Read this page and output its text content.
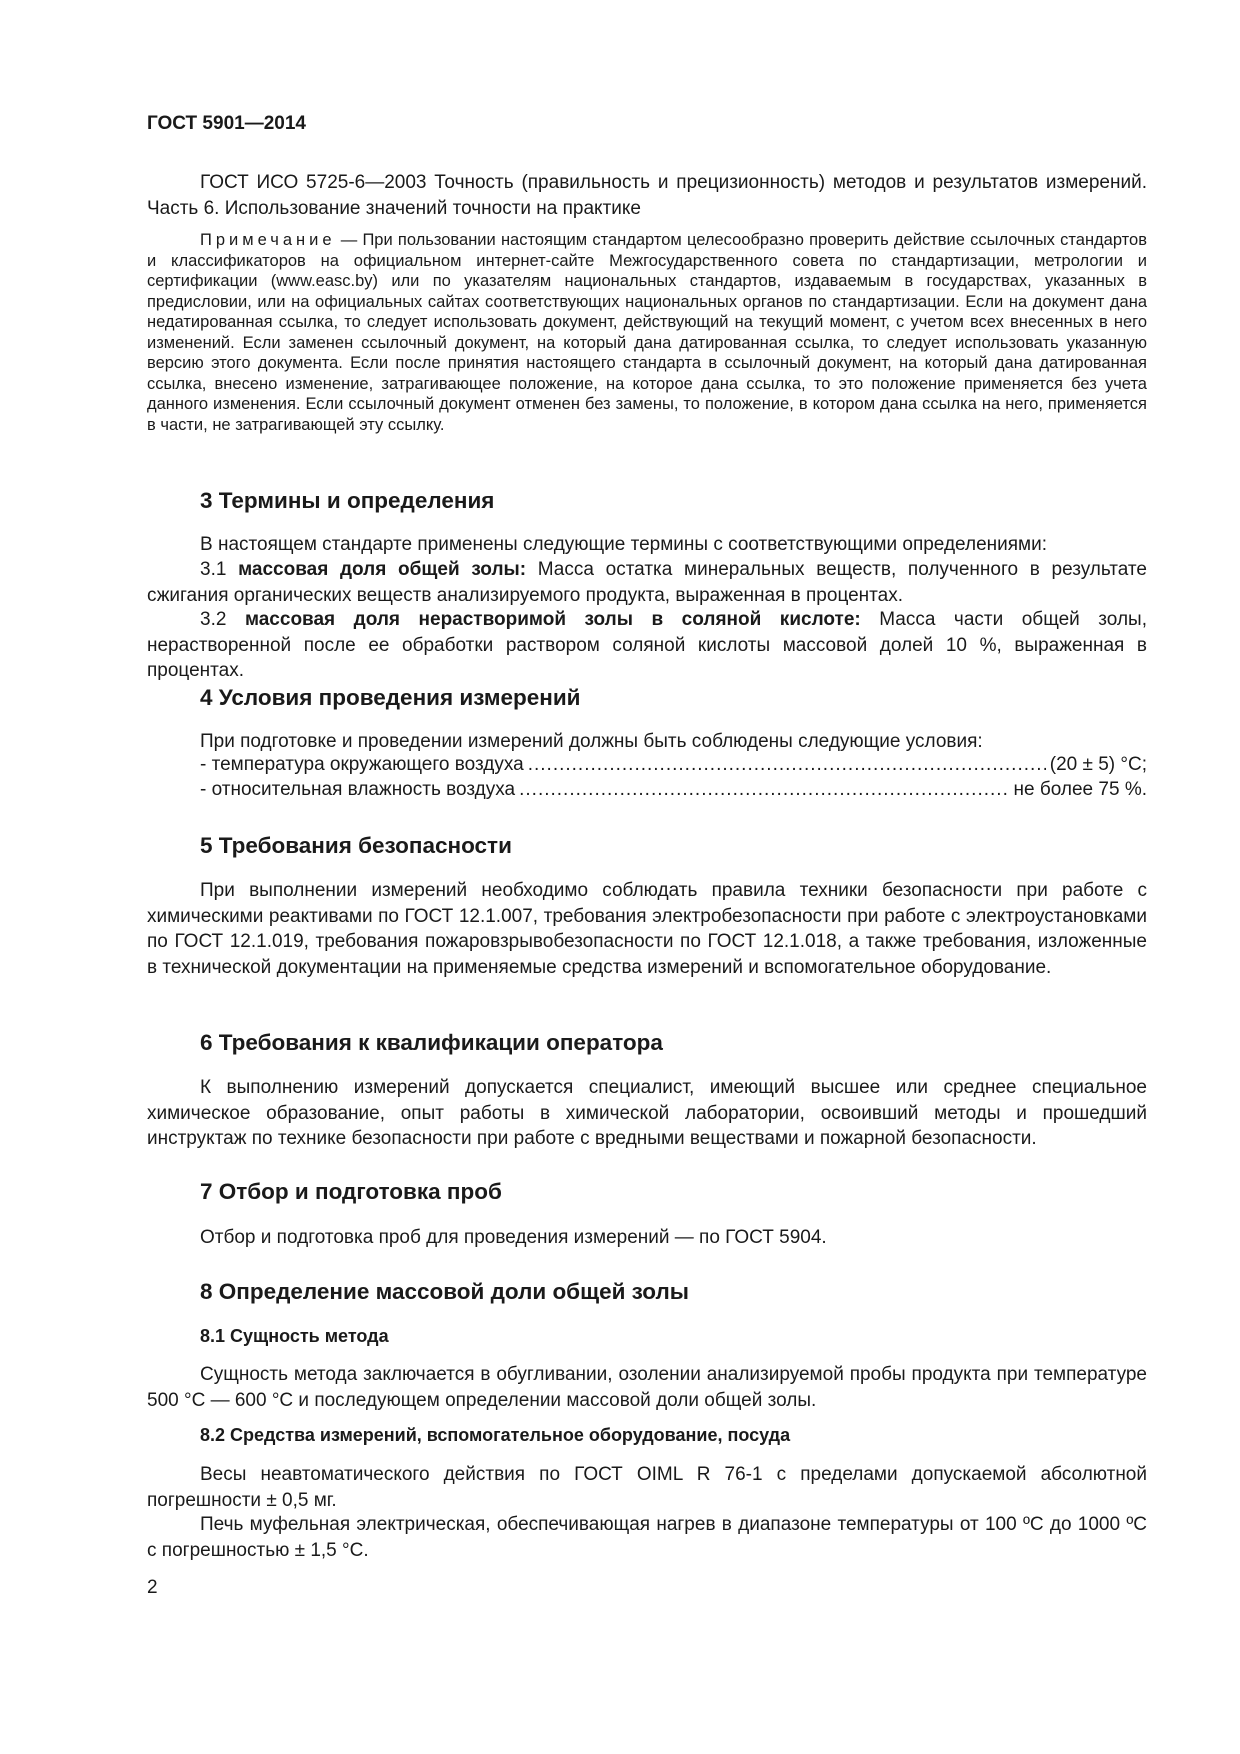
ГОСТ 5901—2014

ГОСТ ИСО 5725-6—2003 Точность (правильность и прецизионность) методов и результатов измерений. Часть 6. Использование значений точности на практике

Примечание — При пользовании настоящим стандартом целесообразно проверить действие ссылочных стандартов и классификаторов на официальном интернет-сайте Межгосударственного совета по стандартизации, метрологии и сертификации (www.easc.by) или по указателям национальных стандартов, издаваемым в государствах, указанных в предисловии, или на официальных сайтах соответствующих национальных органов по стандартизации. Если на документ дана недатированная ссылка, то следует использовать документ, действующий на текущий момент, с учетом всех внесенных в него изменений. Если заменен ссылочный документ, на который дана датированная ссылка, то следует использовать указанную версию этого документа. Если после принятия настоящего стандарта в ссылочный документ, на который дана датированная ссылка, внесено изменение, затрагивающее положение, на которое дана ссылка, то это положение применяется без учета данного изменения. Если ссылочный документ отменен без замены, то положение, в котором дана ссылка на него, применяется в части, не затрагивающей эту ссылку.

3 Термины и определения

В настоящем стандарте применены следующие термины с соответствующими определениями:

3.1 массовая доля общей золы: Масса остатка минеральных веществ, полученного в результате сжигания органических веществ анализируемого продукта, выраженная в процентах.

3.2 массовая доля нерастворимой золы в соляной кислоте: Масса части общей золы, нерастворенной после ее обработки раствором соляной кислоты массовой долей 10 %, выраженная в процентах.

4 Условия проведения измерений

При подготовке и проведении измерений должны быть соблюдены следующие условия:

- температура окружающего воздуха .....	(20 ± 5) °С;
- относительная влажность воздуха .....	не более 75 %.
5 Требования безопасности

При выполнении измерений необходимо соблюдать правила техники безопасности при работе с химическими реактивами по ГОСТ 12.1.007, требования электробезопасности при работе с электроустановками по ГОСТ 12.1.019, требования пожаровзрывобезопасности по ГОСТ 12.1.018, а также требования, изложенные в технической документации на применяемые средства измерений и вспомогательное оборудование.

6 Требования к квалификации оператора

К выполнению измерений допускается специалист, имеющий высшее или среднее специальное химическое образование, опыт работы в химической лаборатории, освоивший методы и прошедший инструктаж по технике безопасности при работе с вредными веществами и пожарной безопасности.

7 Отбор и подготовка проб

Отбор и подготовка проб для проведения измерений — по ГОСТ 5904.

8 Определение массовой доли общей золы
8.1 Сущность метода

Сущность метода заключается в обугливании, озолении анализируемой пробы продукта при температуре 500 °С — 600 °С и последующем определении массовой доли общей золы.

8.2 Средства измерений, вспомогательное оборудование, посуда

Весы неавтоматического действия по ГОСТ OIML R 76-1 с пределами допускаемой абсолютной погрешности ± 0,5 мг.

Печь муфельная электрическая, обеспечивающая нагрев в диапазоне температуры от 100 ºС до 1000 ºС с погрешностью ± 1,5 °С.

2
